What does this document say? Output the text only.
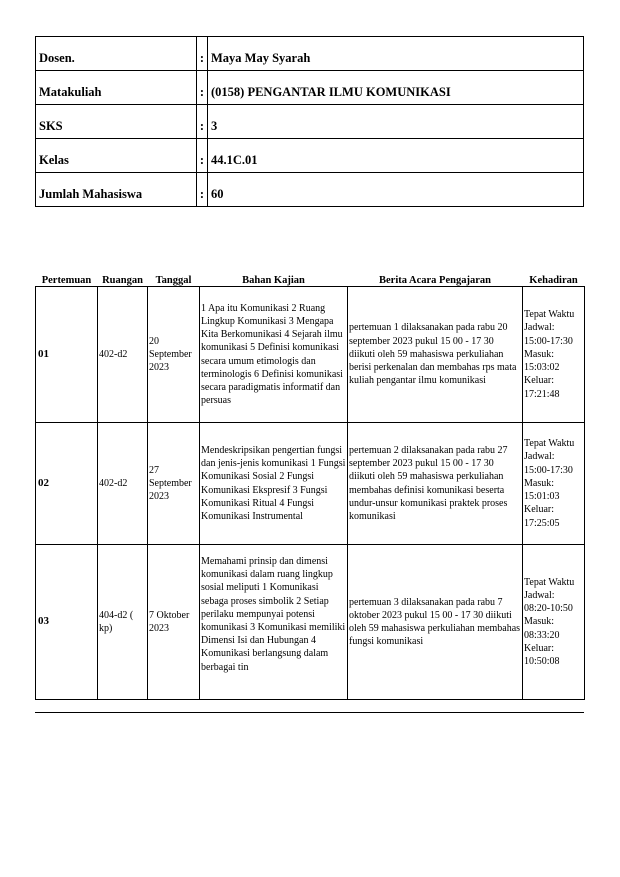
Dosen.	:	Maya May Syarah
Matakuliah	:	(0158) PENGANTAR ILMU KOMUNIKASI
SKS	:	3
Kelas	:	44.1C.01
Jumlah Mahasiswa	:	60
Pertemuan	Ruangan	Tanggal	Bahan Kajian	Berita Acara Pengajaran	Kehadiran
01	402-d2	20 September 2023	1 Apa itu Komunikasi 2 Ruang Lingkup Komunikasi 3 Mengapa Kita Berkomunikasi 4 Sejarah ilmu komunikasi 5 Definisi komunikasi secara umum etimologis dan terminologis 6 Definisi komunikasi secara paradigmatis informatif dan persuas	pertemuan 1 dilaksanakan pada rabu 20 september 2023 pukul 15 00 - 17 30 diikuti oleh 59 mahasiswa perkuliahan berisi perkenalan dan membahas rps mata kuliah pengantar ilmu komunikasi	Tepat Waktu Jadwal: 15:00-17:30 Masuk: 15:03:02 Keluar: 17:21:48
02	402-d2	27 September 2023	Mendeskripsikan pengertian fungsi dan jenis-jenis komunikasi 1 Fungsi Komunikasi Sosial 2 Fungsi Komunikasi Ekspresif 3 Fungsi Komunikasi Ritual 4 Fungsi Komunikasi Instrumental	pertemuan 2 dilaksanakan pada rabu 27 september 2023 pukul 15 00 - 17 30 diikuti oleh 59 mahasiswa perkuliahan membahas definisi komunikasi beserta undur-unsur komunikasi praktek proses komunikasi	Tepat Waktu Jadwal: 15:00-17:30 Masuk: 15:01:03 Keluar: 17:25:05
03	404-d2 ( kp)	7 Oktober 2023	Memahami prinsip dan dimensi komunikasi dalam ruang lingkup sosial meliputi 1 Komunikasi sebaga proses simbolik 2 Setiap perilaku mempunyai potensi komunikasi 3 Komunikasi memiliki Dimensi Isi dan Hubungan 4 Komunikasi berlangsung dalam berbagai tin	pertemuan 3 dilaksanakan pada rabu 7 oktober 2023 pukul 15 00 - 17 30 diikuti oleh 59 mahasiswa perkuliahan membahas fungsi komunikasi	Tepat Waktu Jadwal: 08:20-10:50 Masuk: 08:33:20 Keluar: 10:50:08
